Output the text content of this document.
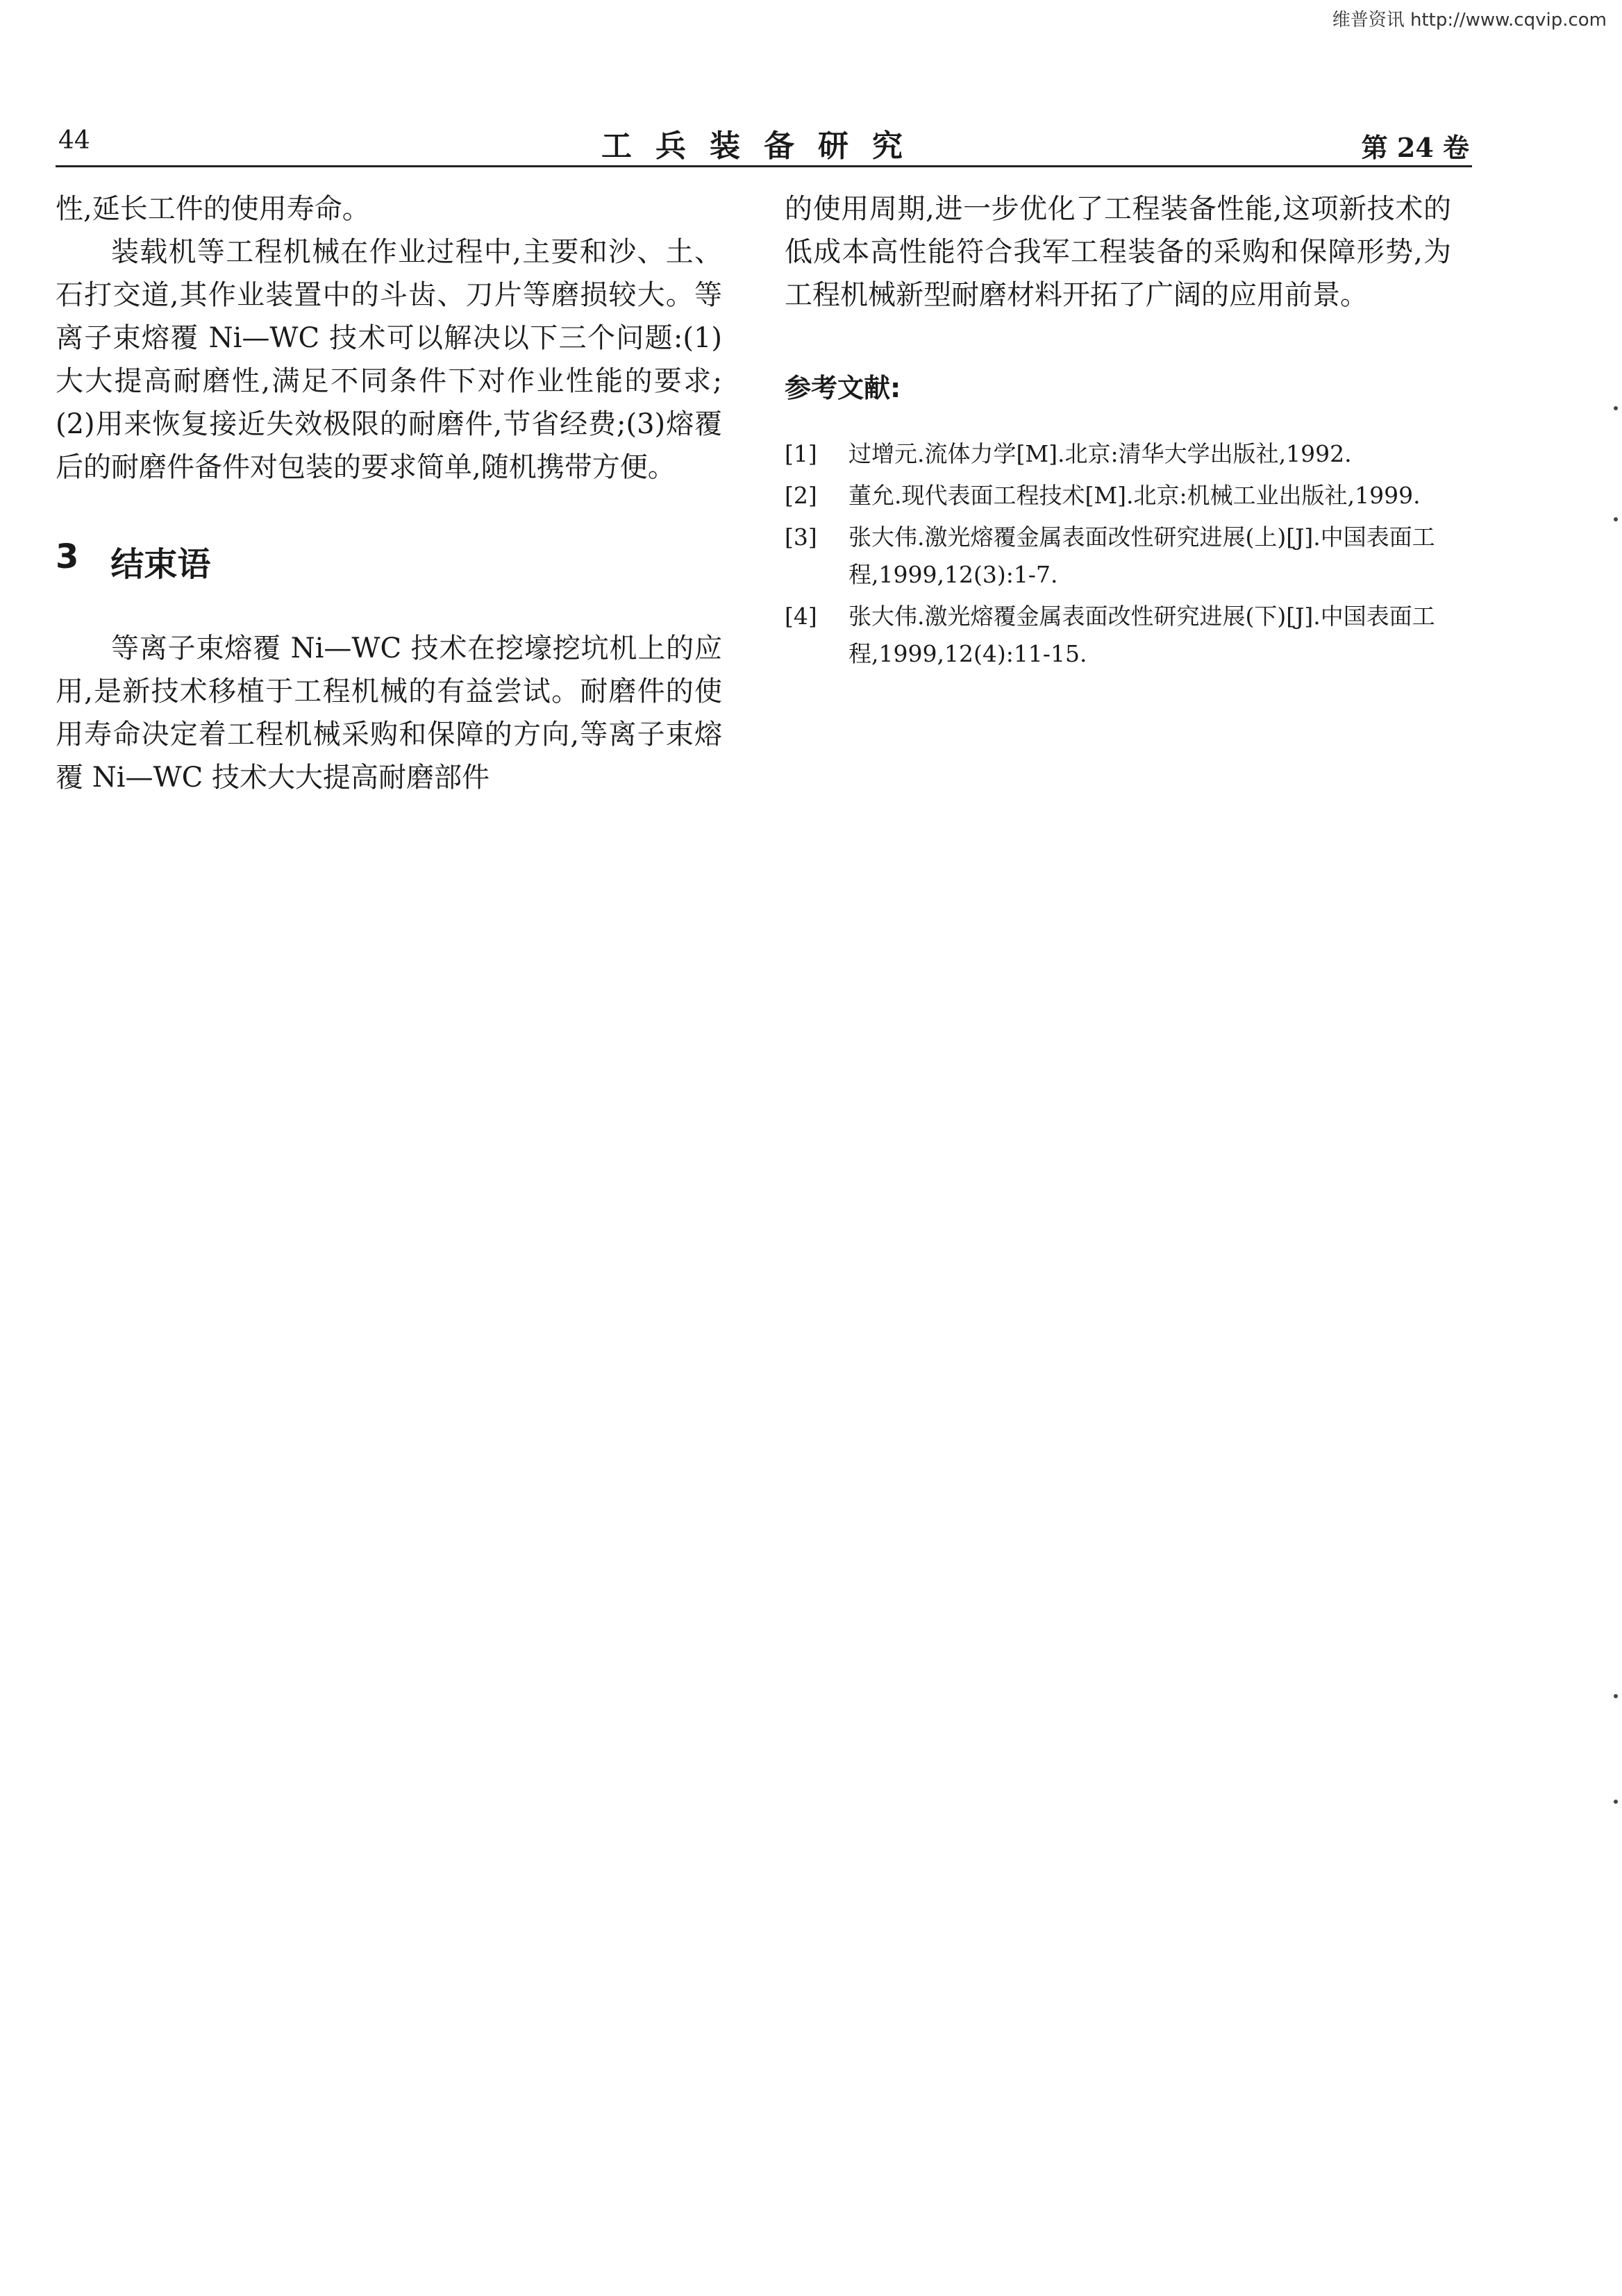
维普资讯 http://www.cqvip.com
44	工兵装备研究	第 24 卷

性,延长工件的使用寿命。

装载机等工程机械在作业过程中,主要和沙、土、石打交道,其作业装置中的斗齿、刀片等磨损较大。等离子束熔覆 Ni—WC 技术可以解决以下三个问题:(1)大大提高耐磨性,满足不同条件下对作业性能的要求;(2)用来恢复接近失效极限的耐磨件,节省经费;(3)熔覆后的耐磨件备件对包装的要求简单,随机携带方便。

3 结束语

等离子束熔覆 Ni—WC 技术在挖壕挖坑机上的应用,是新技术移植于工程机械的有益尝试。耐磨件的使用寿命决定着工程机械采购和保障的方向,等离子束熔覆 Ni—WC 技术大大提高耐磨部件

的使用周期,进一步优化了工程装备性能,这项新技术的低成本高性能符合我军工程装备的采购和保障形势,为工程机械新型耐磨材料开拓了广阔的应用前景。

参考文献:
[1]	过增元.流体力学[M].北京:清华大学出版社,1992.
[2]	董允.现代表面工程技术[M].北京:机械工业出版社,1999.
[3]	张大伟.激光熔覆金属表面改性研究进展(上)[J].中国表面工程,1999,12(3):1-7.
[4]	张大伟.激光熔覆金属表面改性研究进展(下)[J].中国表面工程,1999,12(4):11-15.
